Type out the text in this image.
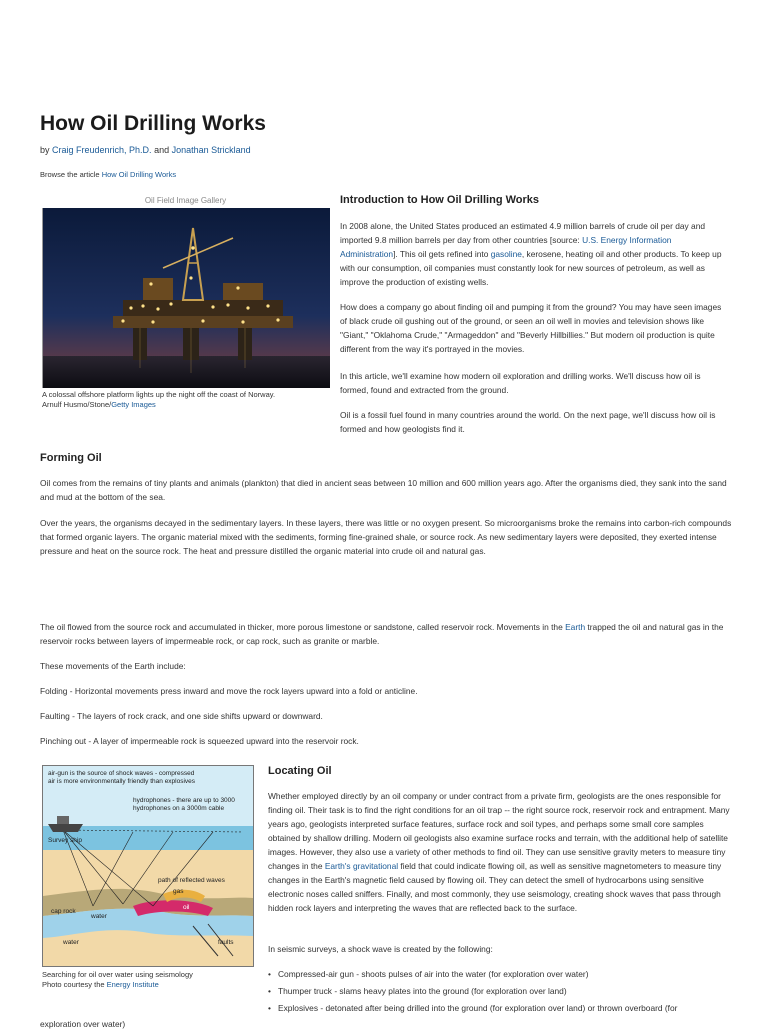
How Oil Drilling Works
by Craig Freudenrich, Ph.D. and Jonathan Strickland
Browse the article How Oil Drilling Works
Oil Field Image Gallery
A colossal offshore platform lights up the night off the coast of Norway.
Arnulf Husmo/Stone/Getty Images
Introduction to How Oil Drilling Works

In 2008 alone, the United States produced an estimated 4.9 million barrels of crude oil per day and imported 9.8 million barrels per day from other countries [source: U.S. Energy Information Administration]. This oil gets refined into gasoline, kerosene, heating oil and other products. To keep up with our consumption, oil companies must constantly look for new sources of petroleum, as well as improve the production of existing wells.

How does a company go about finding oil and pumping it from the ground? You may have seen images of black crude oil gushing out of the ground, or seen an oil well in movies and television shows like "Giant," "Oklahoma Crude," "Armageddon" and "Beverly Hillbillies." But modern oil production is quite different from the way it's portrayed in the movies.

In this article, we'll examine how modern oil exploration and drilling works. We'll discuss how oil is formed, found and extracted from the ground.

Oil is a fossil fuel found in many countries around the world. On the next page, we'll discuss how oil is formed and how geologists find it.

Forming Oil

Oil comes from the remains of tiny plants and animals (plankton) that died in ancient seas between 10 million and 600 million years ago. After the organisms died, they sank into the sand and mud at the bottom of the sea.

Over the years, the organisms decayed in the sedimentary layers. In these layers, there was little or no oxygen present. So microorganisms broke the remains into carbon-rich compounds that formed organic layers. The organic material mixed with the sediments, forming fine-grained shale, or source rock. As new sedimentary layers were deposited, they exerted intense pressure and heat on the source rock. The heat and pressure distilled the organic material into crude oil and natural gas.

The oil flowed from the source rock and accumulated in thicker, more porous limestone or sandstone, called reservoir rock. Movements in the Earth trapped the oil and natural gas in the reservoir rocks between layers of impermeable rock, or cap rock, such as granite or marble.

These movements of the Earth include:

Folding - Horizontal movements press inward and move the rock layers upward into a fold or anticline.

Faulting - The layers of rock crack, and one side shifts upward or downward.

Pinching out - A layer of impermeable rock is squeezed upward into the reservoir rock.

air-gun is the source of shock waves - compressed
air is more environmentally friendly than explosives
hydrophones - there are up to 3000
hydrophones on a 3000m cable
Survey ship
path of reflected waves
gas
oil
cap rock
water
water	faults
Searching for oil over water using seismology
Photo courtesy the Energy Institute
Locating Oil

Whether employed directly by an oil company or under contract from a private firm, geologists are the ones responsible for finding oil. Their task is to find the right conditions for an oil trap -- the right source rock, reservoir rock and entrapment. Many years ago, geologists interpreted surface features, surface rock and soil types, and perhaps some small core samples obtained by shallow drilling. Modern oil geologists also examine surface rocks and terrain, with the additional help of satellite images. However, they also use a variety of other methods to find oil. They can use sensitive gravity meters to measure tiny changes in the Earth's gravitational field that could indicate flowing oil, as well as sensitive magnetometers to measure tiny changes in the Earth's magnetic field caused by flowing oil. They can detect the smell of hydrocarbons using sensitive electronic noses called sniffers. Finally, and most commonly, they use seismology, creating shock waves that pass through hidden rock layers and interpreting the waves that are reflected back to the surface.

In seismic surveys, a shock wave is created by the following:

• Compressed-air gun - shoots pulses of air into the water (for exploration over water)
• Thumper truck - slams heavy plates into the ground (for exploration over land)
• Explosives - detonated after being drilled into the ground (for exploration over land) or thrown overboard (for

exploration over water)
